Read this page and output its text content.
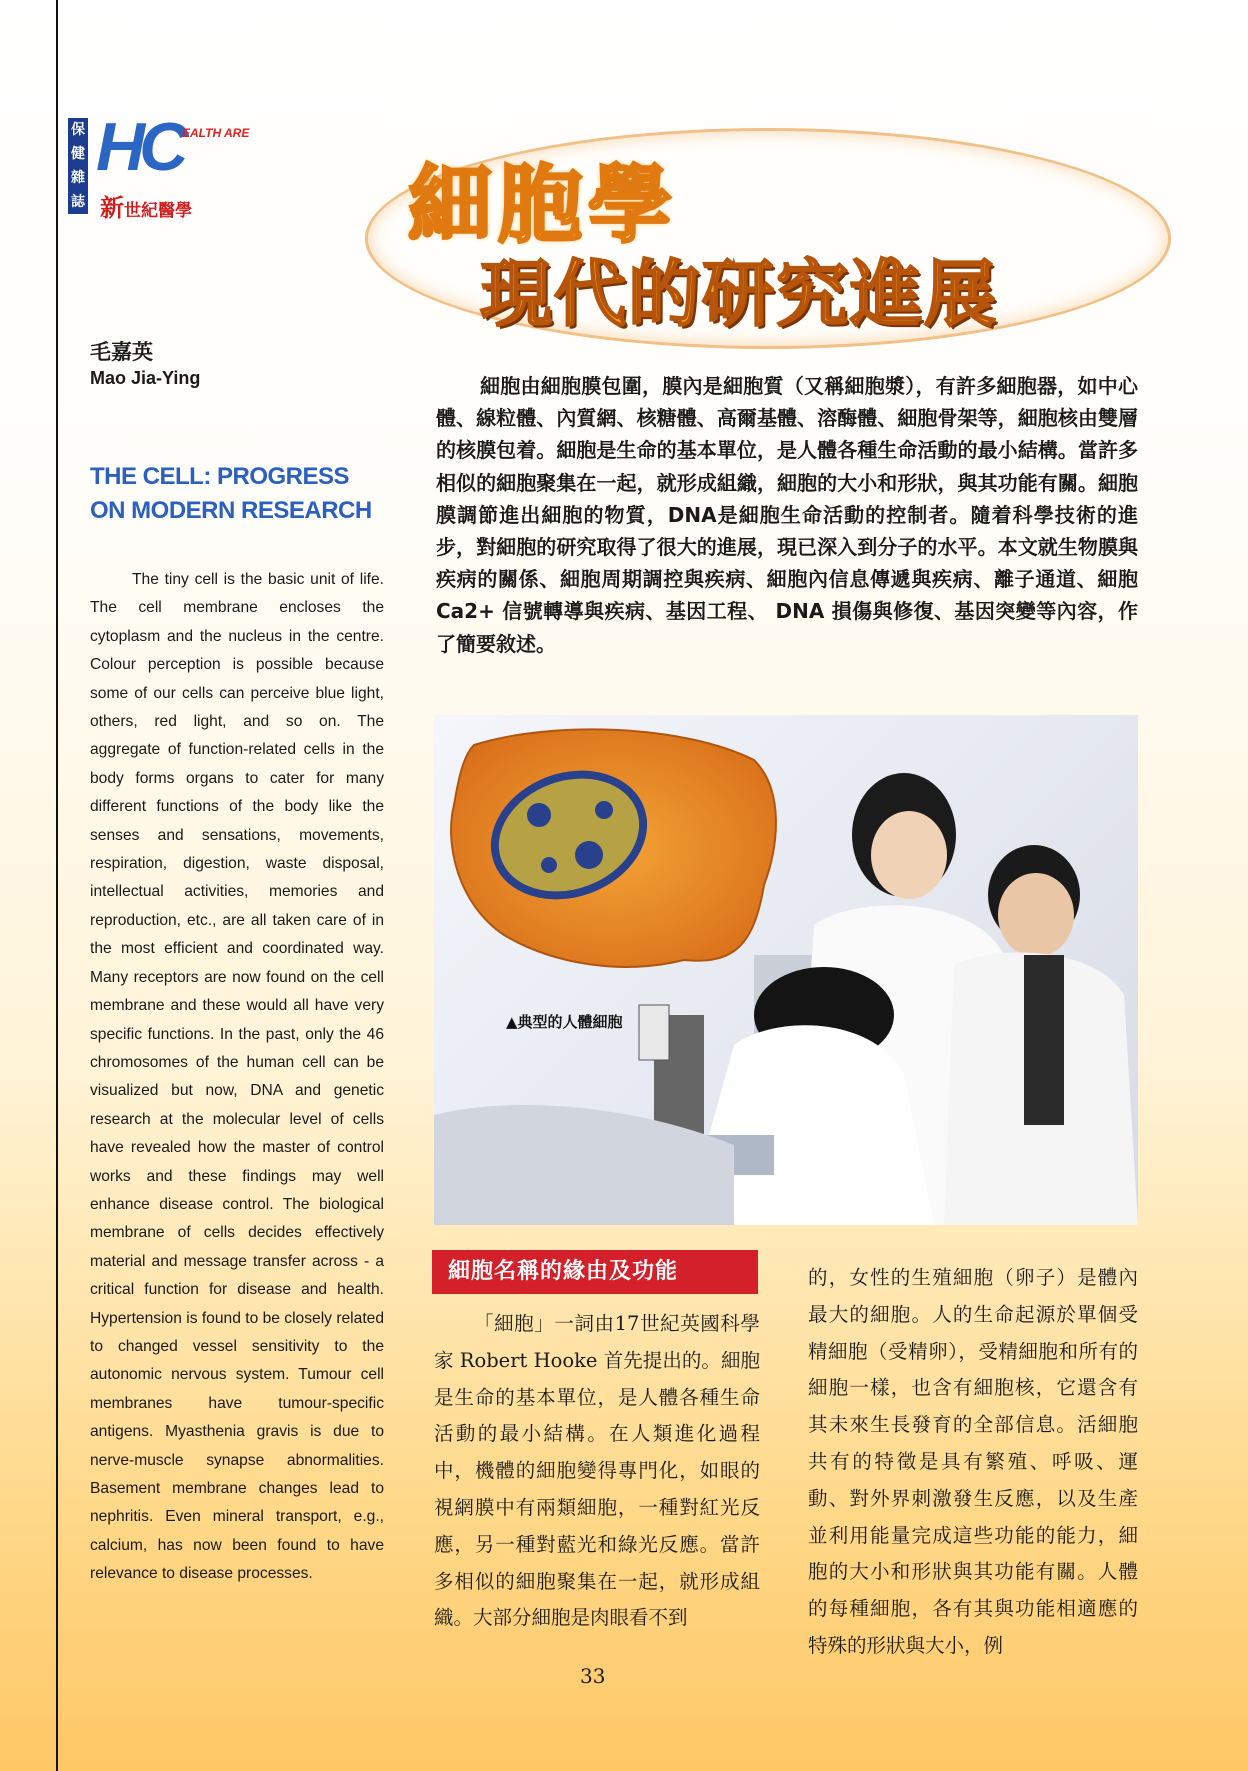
保健雜誌
HC EALTH ARE
新世紀醫學	細胞學
現代的研究進展
毛嘉英
Mao Jia-Ying
THE CELL: PROGRESS ON MODERN RESEARCH

The tiny cell is the basic unit of life. The cell membrane encloses the cytoplasm and the nucleus in the centre. Colour perception is possible because some of our cells can perceive blue light, others, red light, and so on. The aggregate of function-related cells in the body forms organs to cater for many different functions of the body like the senses and sensations, movements, respiration, digestion, waste disposal, intellectual activities, memories and reproduction, etc., are all taken care of in the most efficient and coordinated way. Many receptors are now found on the cell membrane and these would all have very specific functions. In the past, only the 46 chromosomes of the human cell can be visualized but now, DNA and genetic research at the molecular level of cells have revealed how the master of control works and these findings may well enhance disease control. The biological membrane of cells decides effectively material and message transfer across - a critical function for disease and health. Hypertension is found to be closely related to changed vessel sensitivity to the autonomic nervous system. Tumour cell membranes have tumour-specific antigens. Myasthenia gravis is due to nerve-muscle synapse abnormalities. Basement membrane changes lead to nephritis. Even mineral transport, e.g., calcium, has now been found to have relevance to disease processes.

細胞由細胞膜包圍，膜內是細胞質（又稱細胞漿），有許多細胞器，如中心體、線粒體、內質網、核糖體、高爾基體、溶酶體、細胞骨架等，細胞核由雙層的核膜包着。細胞是生命的基本單位，是人體各種生命活動的最小結構。當許多相似的細胞聚集在一起，就形成組織，細胞的大小和形狀，與其功能有關。細胞膜調節進出細胞的物質，DNA是細胞生命活動的控制者。隨着科學技術的進步，對細胞的研究取得了很大的進展，現已深入到分子的水平。本文就生物膜與疾病的關係、細胞周期調控與疾病、細胞內信息傳遞與疾病、離子通道、細胞 Ca2+ 信號轉導與疾病、基因工程、 DNA 損傷與修復、基因突變等內容，作了簡要敘述。

▲典型的人體細胞
細胞名稱的緣由及功能

「細胞」一詞由17世紀英國科學家 Robert Hooke 首先提出的。細胞是生命的基本單位，是人體各種生命活動的最小結構。在人類進化過程中，機體的細胞變得專門化，如眼的視網膜中有兩類細胞，一種對紅光反應，另一種對藍光和綠光反應。當許多相似的細胞聚集在一起，就形成組織。大部分細胞是肉眼看不到

的，女性的生殖細胞（卵子）是體內最大的細胞。人的生命起源於單個受精細胞（受精卵），受精細胞和所有的細胞一樣，也含有細胞核，它還含有其未來生長發育的全部信息。活細胞共有的特徵是具有繁殖、呼吸、運動、對外界刺激發生反應，以及生產並利用能量完成這些功能的能力，細胞的大小和形狀與其功能有關。人體的每種細胞，各有其與功能相適應的特殊的形狀與大小，例

33
